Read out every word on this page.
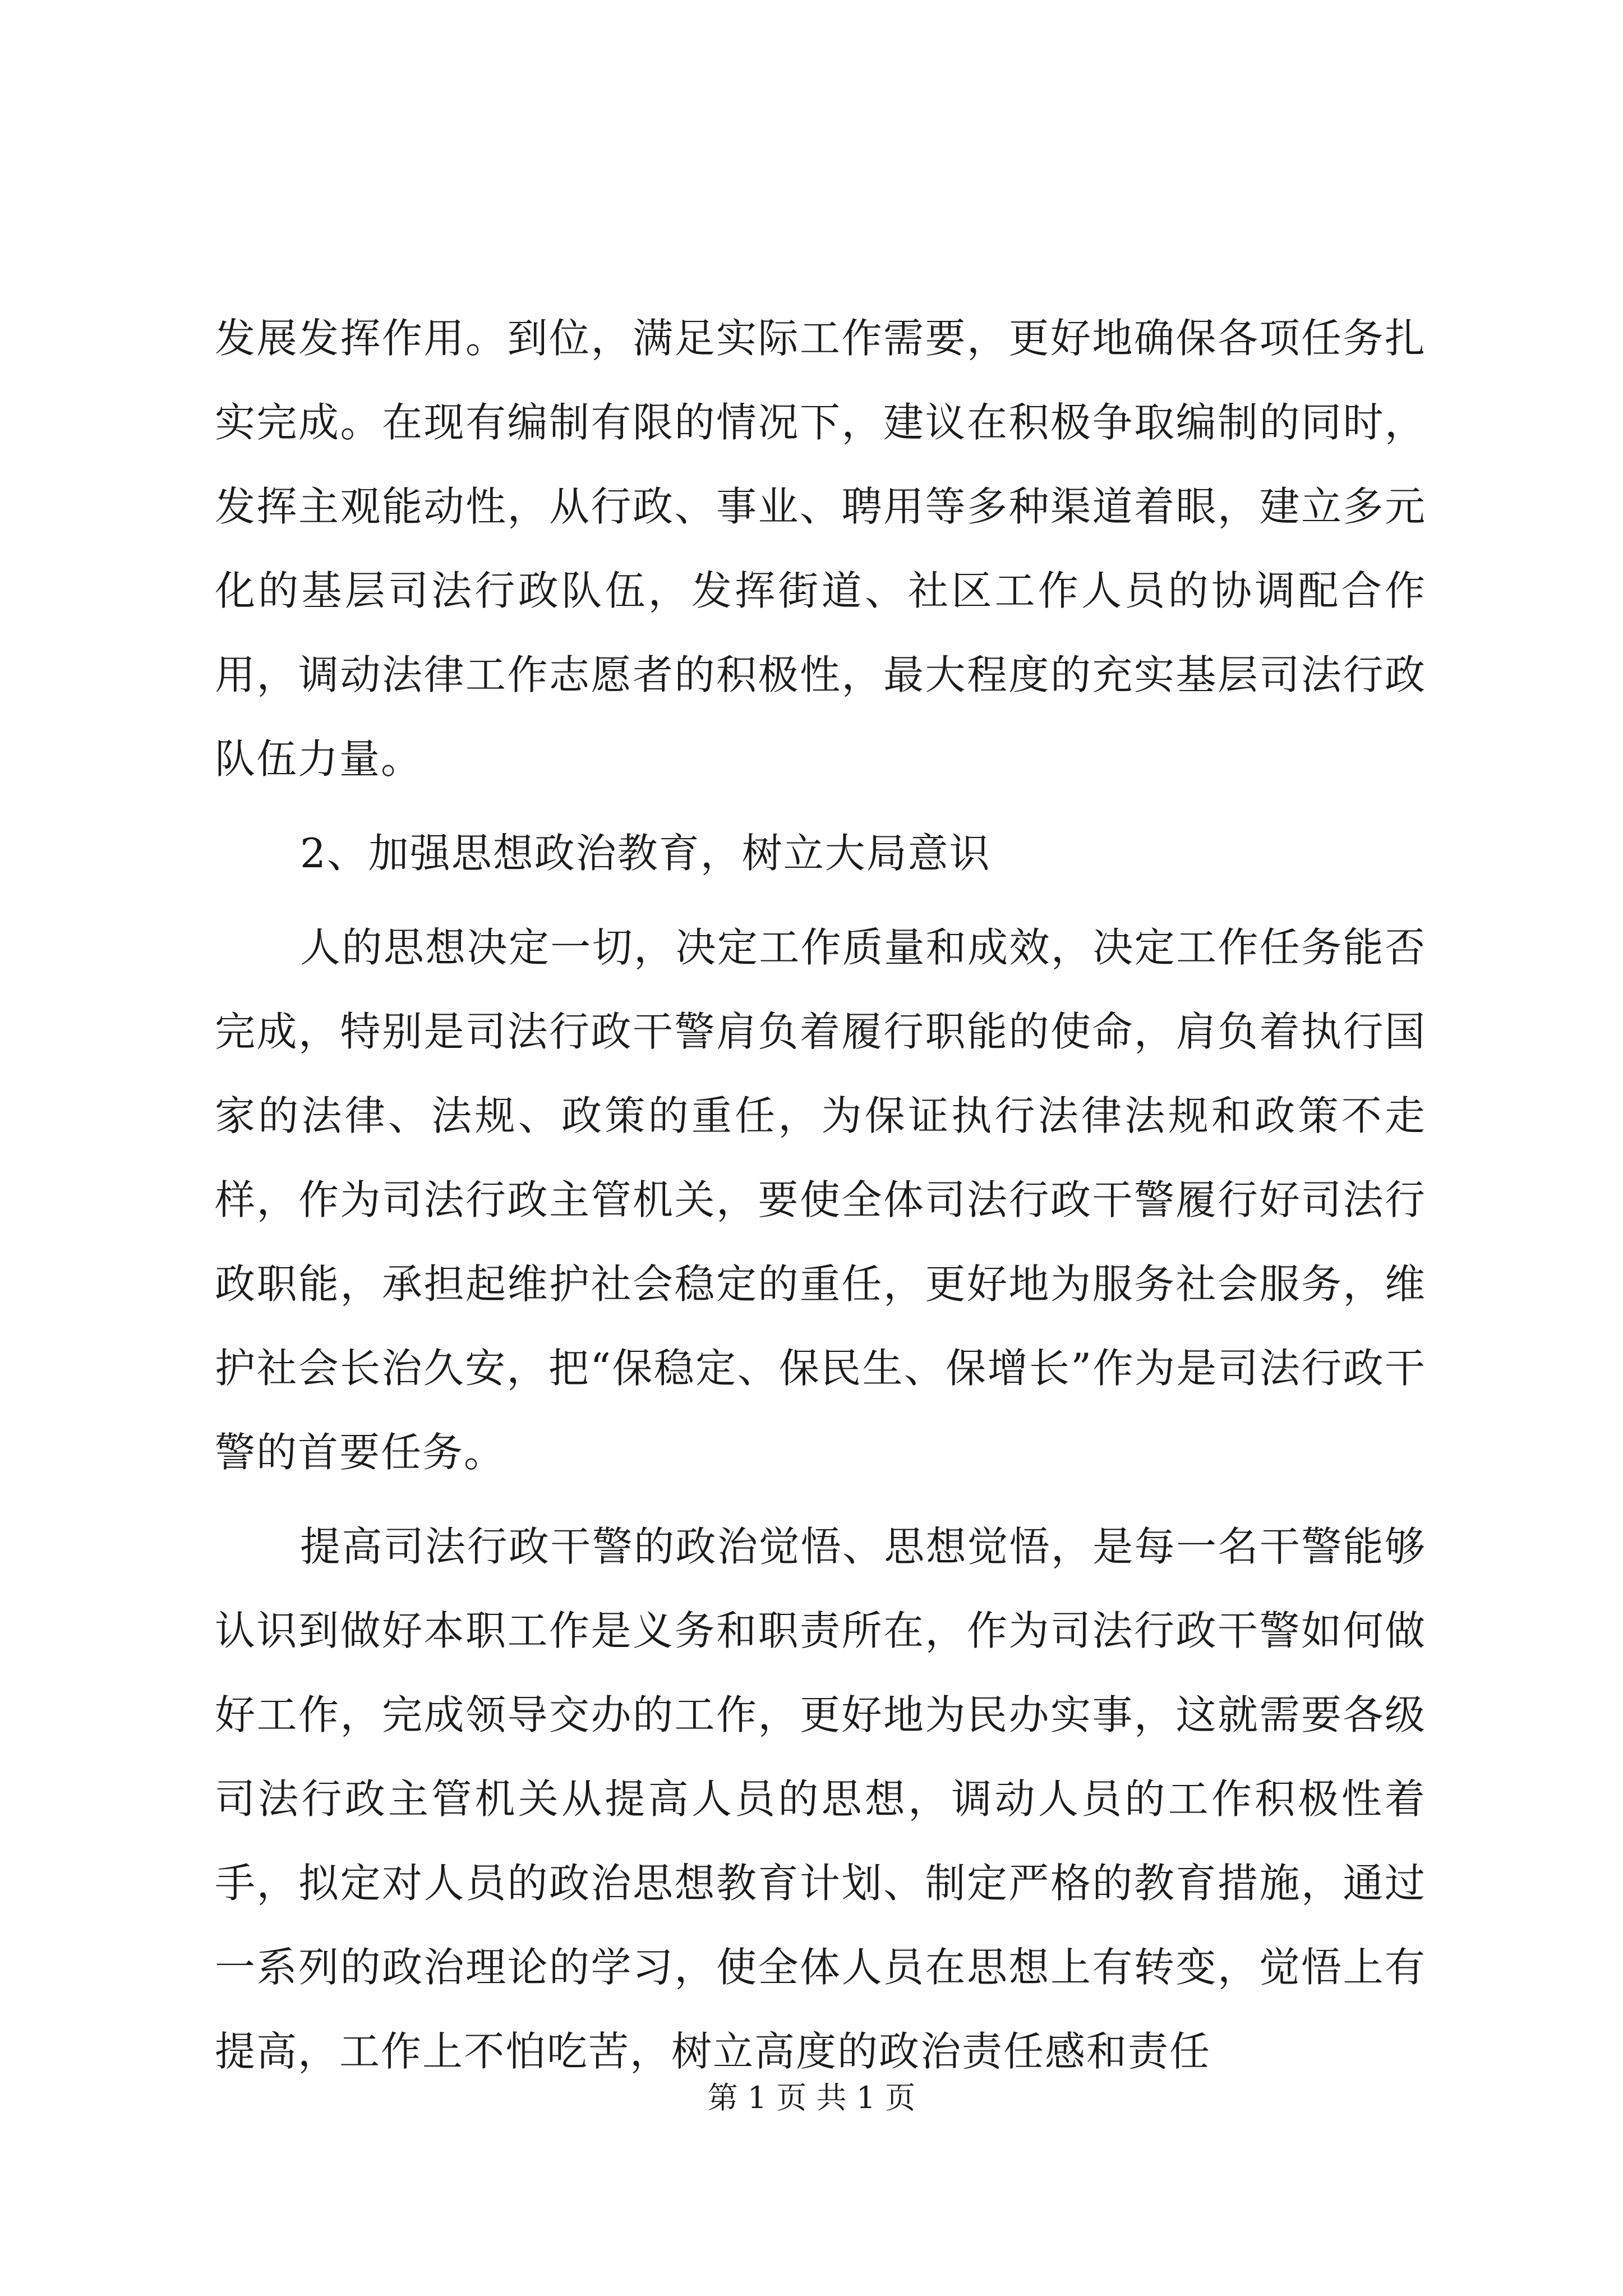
发展发挥作用。到位，满足实际工作需要，更好地确保各项任务扎实完成。在现有编制有限的情况下，建议在积极争取编制的同时，发挥主观能动性，从行政、事业、聘用等多种渠道着眼，建立多元化的基层司法行政队伍，发挥街道、社区工作人员的协调配合作用，调动法律工作志愿者的积极性，最大程度的充实基层司法行政队伍力量。

2、加强思想政治教育，树立大局意识

人的思想决定一切，决定工作质量和成效，决定工作任务能否完成，特别是司法行政干警肩负着履行职能的使命，肩负着执行国家的法律、法规、政策的重任，为保证执行法律法规和政策不走样，作为司法行政主管机关，要使全体司法行政干警履行好司法行政职能，承担起维护社会稳定的重任，更好地为服务社会服务，维护社会长治久安，把“保稳定、保民生、保增长”作为是司法行政干警的首要任务。

提高司法行政干警的政治觉悟、思想觉悟，是每一名干警能够认识到做好本职工作是义务和职责所在，作为司法行政干警如何做好工作，完成领导交办的工作，更好地为民办实事，这就需要各级司法行政主管机关从提高人员的思想，调动人员的工作积极性着手，拟定对人员的政治思想教育计划、制定严格的教育措施，通过一系列的政治理论的学习，使全体人员在思想上有转变，觉悟上有提高，工作上不怕吃苦，树立高度的政治责任感和责任

第 1 页 共 1 页
